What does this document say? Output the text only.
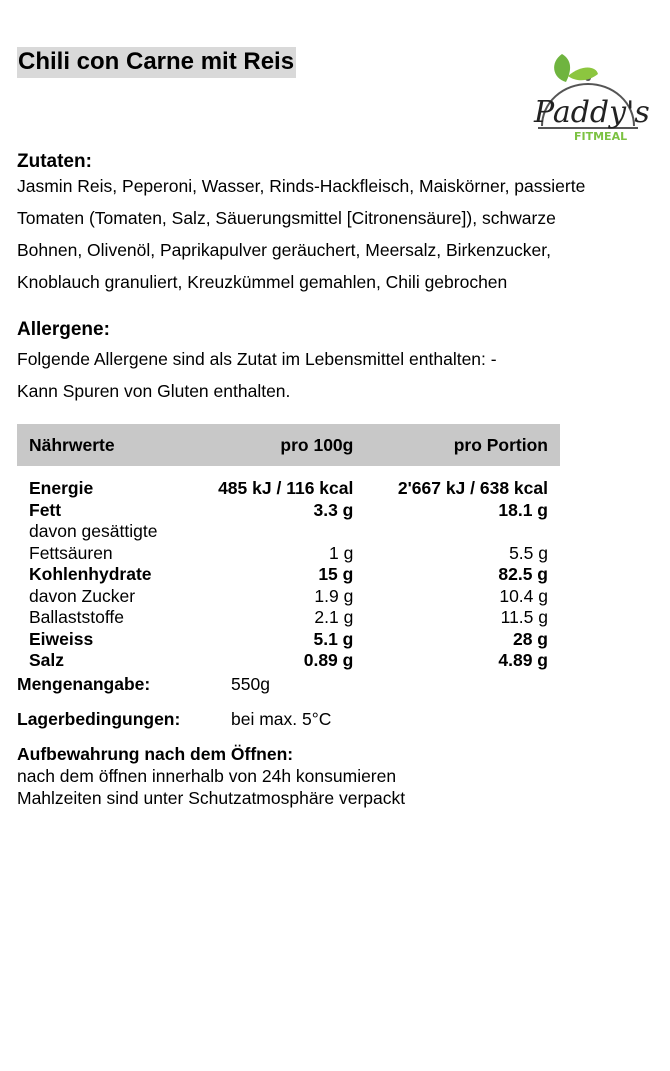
Chili con Carne mit Reis
Paddy's
FITMEAL
Zutaten:
Jasmin Reis, Peperoni, Wasser, Rinds-Hackfleisch, Maiskörner, passierte
Tomaten (Tomaten, Salz, Säuerungsmittel [Citronensäure]), schwarze
Bohnen, Olivenöl, Paprikapulver geräuchert, Meersalz, Birkenzucker,
Knoblauch granuliert, Kreuzkümmel gemahlen, Chili gebrochen
Allergene:
Folgende Allergene sind als Zutat im Lebensmittel enthalten: -
Kann Spuren von Gluten enthalten.
Nährwerte	pro 100g	pro Portion

Energie	485 kJ / 116 kcal	2'667 kJ / 638 kcal
Fett	3.3 g	18.1 g
davon gesättigte		
Fettsäuren	1 g	5.5 g
Kohlenhydrate	15 g	82.5 g
davon Zucker	1.9 g	10.4 g
Ballaststoffe	2.1 g	11.5 g
Eiweiss	5.1 g	28 g
Salz	0.89 g	4.89 g
Mengenangabe:	550g
Lagerbedingungen:	bei max. 5°C
Aufbewahrung nach dem Öffnen:
nach dem öffnen innerhalb von 24h konsumieren
Mahlzeiten sind unter Schutzatmosphäre verpackt
